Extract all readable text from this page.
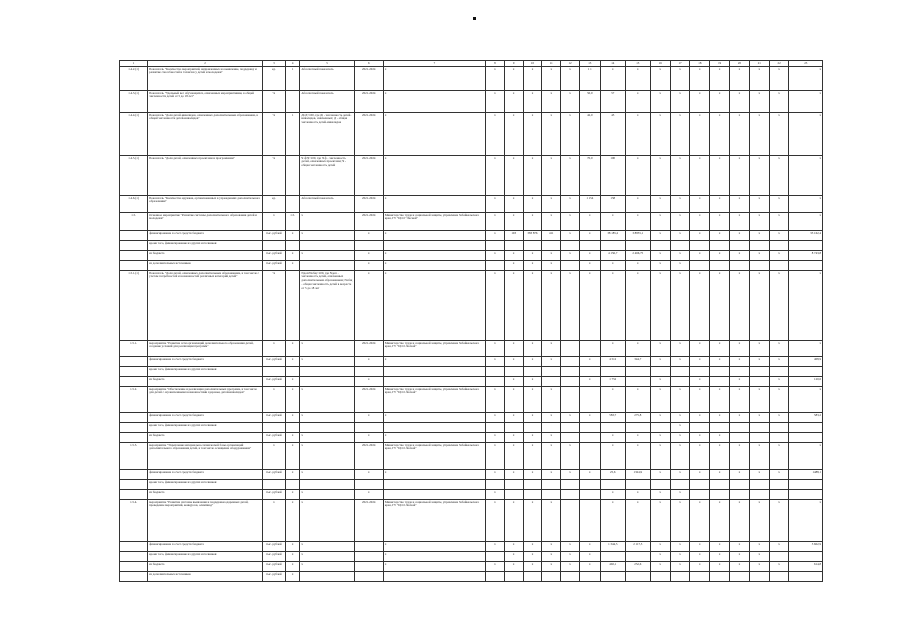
1	2	3	4	5	6	7	8	9	10	11	12	13	14	15	16	17	18	19	20	21	22	23
1.4.2.(1)	Показатель "Количество мероприятий, направленных на выявление, поддержку и развитие способностей и талантов у детей и молодежи"	ед.	1	Абсолютный показатель	2021-2024	х	х	х	х	х	х	1 1	х	х	х	х	х	х	х	х	х	х
1.4.3.(1)	Показатель "Удельный вес обучающихся, охваченных мероприятиями, в общей численности детей от 5 до 18 лет"	%		Абсолютный показатель	2021-2024	х	х	х	х	х	х	50,0	57	х	х	х	х	х	х	х	х	х
1.4.4.(1)	Показатель "Доля детей-инвалидов, охваченных дополнительным образованием, в общей численности детей-инвалидов"	%	1	Дi/Д×100, где Дi - численность детей-инвалидов, охваченных; Д - общая численность детей-инвалидов	2021-2024	х	х	х	х	х	х	42,0	45	х	х	х	х	х	х	х	х	х
1.4.5.(1)	Показатель "Доля детей, охваченных проектами и программами"	%		Ч ф/Ч×100, где Ч ф - численность детей, охваченных проектами; Ч - общая численность детей	2021-2024	х	х	х	х	х	х	70,0	100	х	х	х	х	х	х	х	х	х
1.4.6.(1)	Показатель "Количество кружков, организованных в учреждениях дополнительного образования"	ед.		Абсолютный показатель	2021-2024	х	х	х	х	х	х	1 154	158	х	х	х	х	х	х	х	х	х
1.5.	Основное мероприятие "Развитие системы дополнительного образования детей и молодежи"	х	1.5.	х	2021-2024	Министерство труда и социальной защиты, управление Забайкальского края, ГУ "ЦСО "Лесной"	х	х	х	х	х	х	х	х	х	х	х	х	х	х	х	х
	финансирование за счет средств бюджета	тыс. рублей	х	х	х	х	х	193	383 876	411	х	х	38 185,2	3 8855,1	х	х	х	х	х	х	х	33 162,4
	кроме того, финансирование из других источников:																					
	из бюджета	тыс. рублей	х	х	х	х	х	х	х	х	х	х	4 156,7	2 466,75	х	х	х	х	х	х	х	8 743,8
	из дополнительных источников	тыс. рублей	х		х	х		х	х	х		х	х	х	х	х						
1.5.1.(1)	Показатель "Доля детей, охваченных дополнительным образованием, в том числе с учетом потребностей и возможностей различных категорий детей"	%		Nдоп/Nобщ×100, где Nдоп - численность детей, охваченных дополнительным образованием; Nобщ - общая численность детей в возрасте от 5 до 18 лет	х	х	х	х	х	х	х	х	х	х	х	х	х	х	х	х	х	х
1.5.1.	мероприятие "Развитие сети организаций дополнительного образования детей, создание условий для реализации программ"	х	х	х	2021-2024	Министерство труда и социальной защиты, управление Забайкальского края, ГУ "ЦСО Лесной"	х	х	х	х			х	х	х	х	х	х	х	х	х	х
	финансирование за счет средств бюджета	тыс. рублей	х	х	х	х	х	х	х	х		х	4 512	344,7	х	х	х	х	х	х	х	408,9
	кроме того, финансирование из других источников:																					
	из бюджета	тыс. рублей	х		х			х	х			х	1 752		х		х		х		х	120,6
1.5.2.	мероприятие "Обеспечение и реализация дополнительных программ, в том числе для детей с ограниченными возможностями здоровья, детей-инвалидов"	х	х	х	2021-2024	Министерство труда и социальной защиты, управление Забайкальского края, ГУ "ЦСО Лесной"	х	х	х	х			х	х	х	х	х	х	х	х	х	х
	финансирование за счет средств бюджета	тыс. рублей	х	х	х	х	х	х	х	х	х	х	583,7	275,8	х	х	х	х	х	х	х	583,2
	кроме того, финансирование из других источников:															х						
	из бюджета	тыс. рублей	х	х	х	х	х	х	х	х			х	х	х	х	х	х				
1.5.3.	мероприятие "Укрепление материально-технической базы организаций дополнительного образования детей, в том числе оснащение оборудованием"	х	х	х	2021-2024	Министерство труда и социальной защиты, управление Забайкальского края, ГУ "ЦСО Лесной"	х	х	х	х	х		х	х	х	х	х	х	х	х	х	х
	финансирование за счет средств бюджета	тыс. рублей	х	х	х	х	х	х	х	х	х	х	25,6	1324,9	х	х	х	х	х	х	х	1488,1
	кроме того, финансирование из других источников:																					
	из бюджета	тыс. рублей	х	х	х		х						х	х	х	х						
1.5.4.	мероприятие "Развитие системы выявления и поддержки одаренных детей, проведение мероприятий, конкурсов, олимпиад"	х	х	х	2021-2024	Министерство труда и социальной защиты, управление Забайкальского края, ГУ "ЦСО Лесной"	х	х	х	х			х	х	х	х	х	х	х	х	х	х
	финансирование за счет средств бюджета	тыс. рублей	х	х		х	х	х	х	х	х	х	1 344,5	2 117,5	х	х	х	х	х	х	х	3 602,9
	кроме того, финансирование из других источников:	тыс. рублей	х	х		х		х	х	х	х	х			х	х	х	х	х	х		
	из бюджета	тыс. рублей	х	х		х	х	х	х	х	х	х	402,1	252,6	х	х	х	х	х	х	х	614,8
	из дополнительных источников	тыс. рублей	х																			
